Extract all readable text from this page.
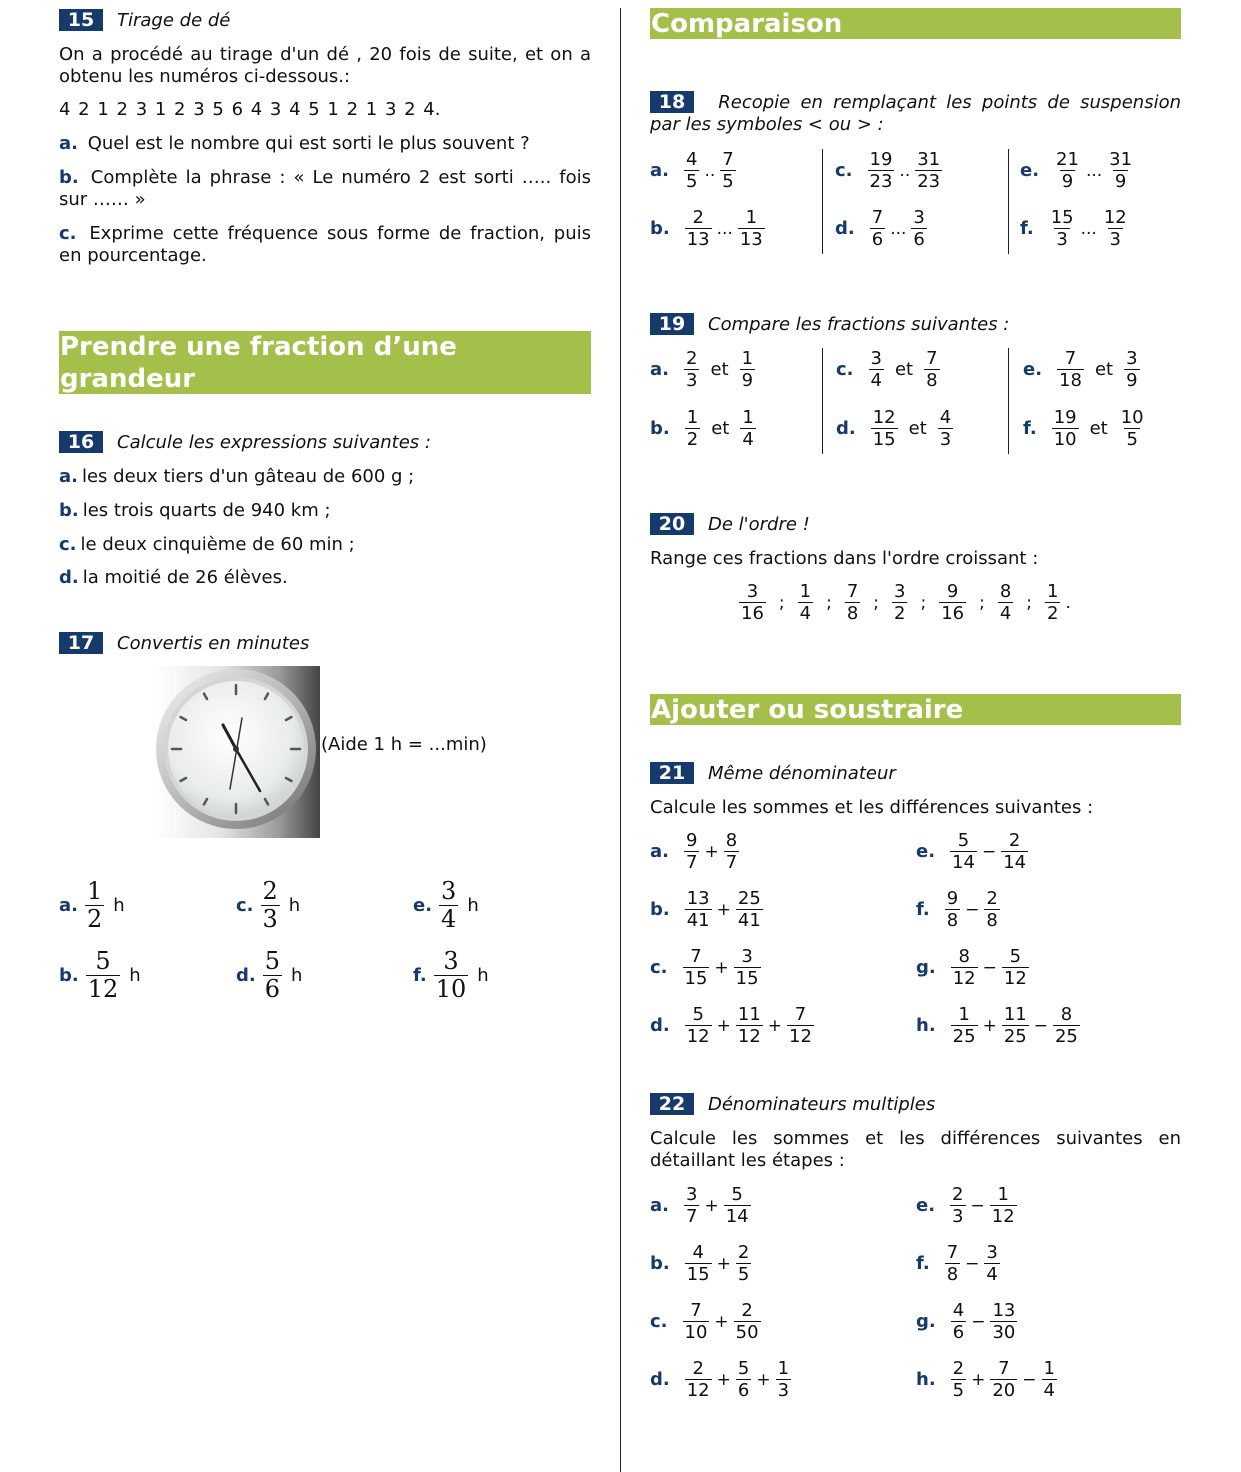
15	Tirage de dé
On a procédé au tirage d'un dé , 20 fois de suite, et on a obtenu les numéros ci-dessous.:
4 2 1 2 3 1 2 3 5 6 4 3 4 5 1 2 1 3 2 4.
a. Quel est le nombre qui est sorti le plus souvent ?
b. Complète la phrase : « Le numéro 2 est sorti ….. fois sur …… »
c. Exprime cette fréquence sous forme de fraction, puis en pourcentage.
Prendre une fraction d’une grandeur
16	Calcule les expressions suivantes :
a. les deux tiers d'un gâteau de 600 g ;
b. les trois quarts de 940 km ;
c. le deux cinquième de 60 min ;
d. la moitié de 26 élèves.
17	Convertis en minutes
(Aide 1 h = ...min)
a. $\frac{1}{2}$ h	c. $\frac{2}{3}$ h	e. $\frac{3}{4}$ h
b. $\frac{5}{12}$ h	d. $\frac{5}{6}$ h	f. $\frac{3}{10}$ h
Comparaison
18 Recopie en remplaçant les points de suspension par les symboles < ou > :
a. $\frac{4}{5}$ .. $\frac{7}{5}$	c. $\frac{19}{23}$ .. $\frac{31}{23}$	e. $\frac{21}{9}$ ... $\frac{31}{9}$
b. $\frac{2}{13}$ ... $\frac{1}{13}$	d. $\frac{7}{6}$ ... $\frac{3}{6}$	f. $\frac{15}{3}$ ... $\frac{12}{3}$
19	Compare les fractions suivantes :
a. $\frac{2}{3}$ et $\frac{1}{9}$	c. $\frac{3}{4}$ et $\frac{7}{8}$	e. $\frac{7}{18}$ et $\frac{3}{9}$
b. $\frac{1}{2}$ et $\frac{1}{4}$	d. $\frac{12}{15}$ et $\frac{4}{3}$	f. $\frac{19}{10}$ et $\frac{10}{5}$
20	De l'ordre !
Range ces fractions dans l'ordre croissant :
$\frac{3}{16}$ ; $\frac{1}{4}$ ; $\frac{7}{8}$ ; $\frac{3}{2}$ ; $\frac{9}{16}$ ; $\frac{8}{4}$ ; $\frac{1}{2}$ .
Ajouter ou soustraire
21	Même dénominateur
Calcule les sommes et les différences suivantes :
a. $\frac{9}{7} + \frac{8}{7}$	e. $\frac{5}{14} - \frac{2}{14}$
b. $\frac{13}{41} + \frac{25}{41}$	f. $\frac{9}{8} - \frac{2}{8}$
c. $\frac{7}{15} + \frac{3}{15}$	g. $\frac{8}{12} - \frac{5}{12}$
d. $\frac{5}{12} + \frac{11}{12} + \frac{7}{12}$	h. $\frac{1}{25} + \frac{11}{25} - \frac{8}{25}$
22	Dénominateurs multiples
Calcule les sommes et les différences suivantes en détaillant les étapes :
a. $\frac{3}{7} + \frac{5}{14}$	e. $\frac{2}{3} - \frac{1}{12}$
b. $\frac{4}{15} + \frac{2}{5}$	f. $\frac{7}{8} - \frac{3}{4}$
c. $\frac{7}{10} + \frac{2}{50}$	g. $\frac{4}{6} - \frac{13}{30}$
d. $\frac{2}{12} + \frac{5}{6} + \frac{1}{3}$	h. $\frac{2}{5} + \frac{7}{20} - \frac{1}{4}$
